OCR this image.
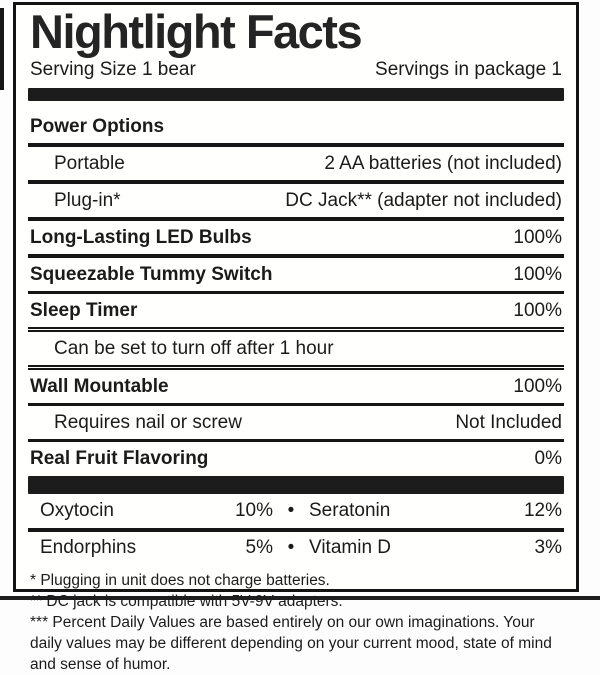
Nightlight Facts
Serving Size 1 bear	Servings in package 1
Power Options
Portable	2 AA batteries (not included)
Plug-in*	DC Jack** (adapter not included)
Long-Lasting LED Bulbs	100%
Squeezable Tummy Switch	100%
Sleep Timer	100%
Can be set to turn off after 1 hour
Wall Mountable	100%
Requires nail or screw	Not Included
Real Fruit Flavoring	0%
Oxytocin	10% • Seratonin	12%
Endorphins	5% • Vitamin D	3%

* Plugging in unit does not charge batteries.

** DC jack is compatible with 5V-9V adapters.

*** Percent Daily Values are based entirely on our own imaginations. Your daily values may be different depending on your current mood, state of mind and sense of humor.
